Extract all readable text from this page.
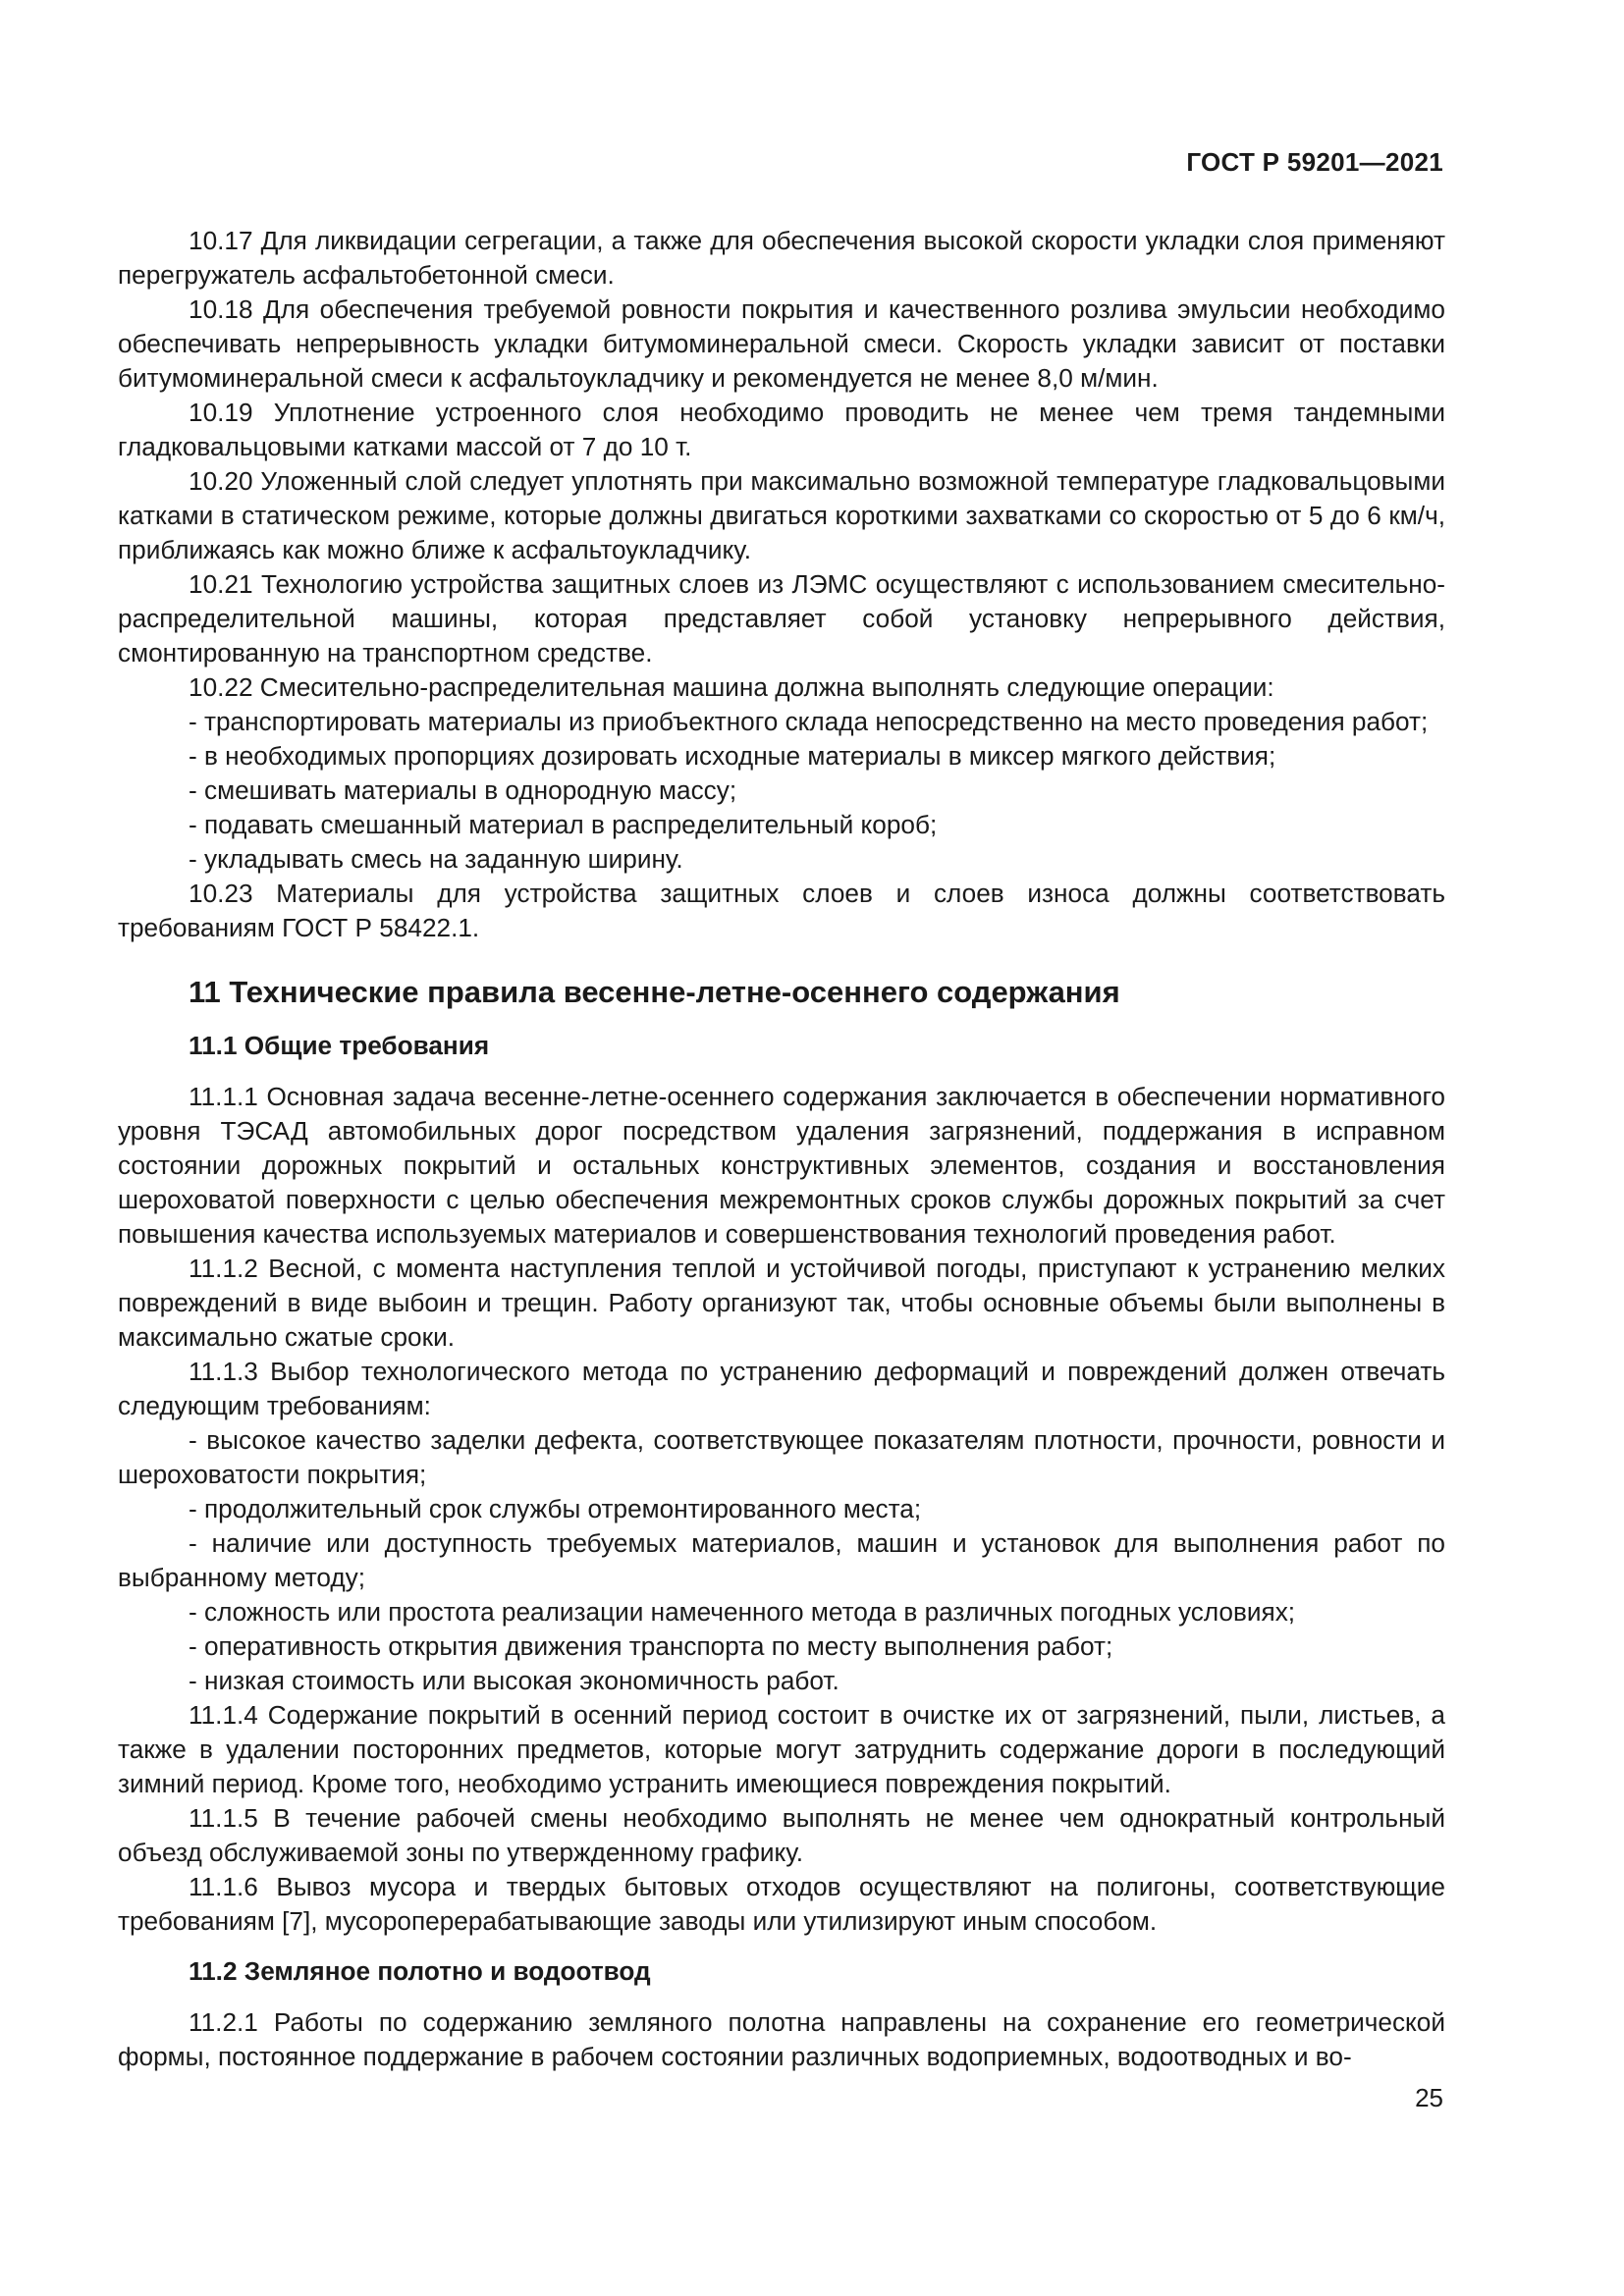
ГОСТ Р 59201—2021

10.17 Для ликвидации сегрегации, а также для обеспечения высокой скорости укладки слоя применяют перегружатель асфальтобетонной смеси.

10.18 Для обеспечения требуемой ровности покрытия и качественного розлива эмульсии необходимо обеспечивать непрерывность укладки битумоминеральной смеси. Скорость укладки зависит от поставки битумоминеральной смеси к асфальтоукладчику и рекомендуется не менее 8,0 м/мин.

10.19 Уплотнение устроенного слоя необходимо проводить не менее чем тремя тандемными гладковальцовыми катками массой от 7 до 10 т.

10.20 Уложенный слой следует уплотнять при максимально возможной температуре гладковальцовыми катками в статическом режиме, которые должны двигаться короткими захватками со скоростью от 5 до 6 км/ч, приближаясь как можно ближе к асфальтоукладчику.

10.21 Технологию устройства защитных слоев из ЛЭМС осуществляют с использованием смесительно-распределительной машины, которая представляет собой установку непрерывного действия, смонтированную на транспортном средстве.

10.22 Смесительно-распределительная машина должна выполнять следующие операции:

- транспортировать материалы из приобъектного склада непосредственно на место проведения работ;

- в необходимых пропорциях дозировать исходные материалы в миксер мягкого действия;

- смешивать материалы в однородную массу;

- подавать смешанный материал в распределительный короб;

- укладывать смесь на заданную ширину.

10.23 Материалы для устройства защитных слоев и слоев износа должны соответствовать требованиям ГОСТ Р 58422.1.

11 Технические правила весенне-летне-осеннего содержания
11.1 Общие требования

11.1.1 Основная задача весенне-летне-осеннего содержания заключается в обеспечении нормативного уровня ТЭСАД автомобильных дорог посредством удаления загрязнений, поддержания в исправном состоянии дорожных покрытий и остальных конструктивных элементов, создания и восстановления шероховатой поверхности с целью обеспечения межремонтных сроков службы дорожных покрытий за счет повышения качества используемых материалов и совершенствования технологий проведения работ.

11.1.2 Весной, с момента наступления теплой и устойчивой погоды, приступают к устранению мелких повреждений в виде выбоин и трещин. Работу организуют так, чтобы основные объемы были выполнены в максимально сжатые сроки.

11.1.3 Выбор технологического метода по устранению деформаций и повреждений должен отвечать следующим требованиям:

- высокое качество заделки дефекта, соответствующее показателям плотности, прочности, ровности и шероховатости покрытия;

- продолжительный срок службы отремонтированного места;

- наличие или доступность требуемых материалов, машин и установок для выполнения работ по выбранному методу;

- сложность или простота реализации намеченного метода в различных погодных условиях;

- оперативность открытия движения транспорта по месту выполнения работ;

- низкая стоимость или высокая экономичность работ.

11.1.4 Содержание покрытий в осенний период состоит в очистке их от загрязнений, пыли, листьев, а также в удалении посторонних предметов, которые могут затруднить содержание дороги в последующий зимний период. Кроме того, необходимо устранить имеющиеся повреждения покрытий.

11.1.5 В течение рабочей смены необходимо выполнять не менее чем однократный контрольный объезд обслуживаемой зоны по утвержденному графику.

11.1.6 Вывоз мусора и твердых бытовых отходов осуществляют на полигоны, соответствующие требованиям [7], мусороперерабатывающие заводы или утилизируют иным способом.

11.2 Земляное полотно и водоотвод

11.2.1 Работы по содержанию земляного полотна направлены на сохранение его геометрической формы, постоянное поддержание в рабочем состоянии различных водоприемных, водоотводных и во-

25
